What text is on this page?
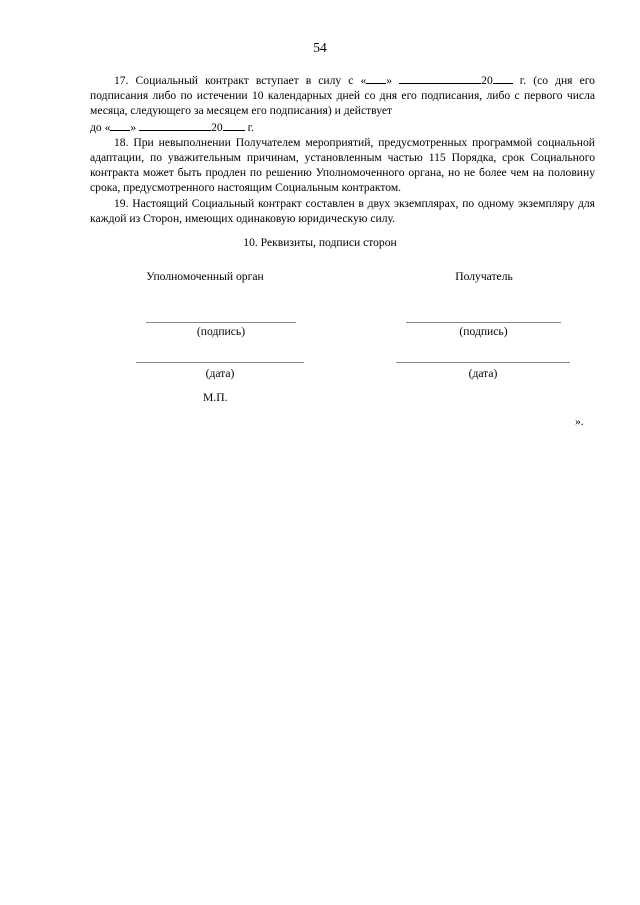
54

17. Социальный контракт вступает в силу с « »	20 г. (со дня его подписания либо по истечении 10 календарных дней со дня его подписания, либо с первого числа месяца, следующего за месяцем его подписания) и действует

до « »	20 г.

18. При невыполнении Получателем мероприятий, предусмотренных программой социальной адаптации, по уважительным причинам, установленным частью 115 Порядка, срок Социального контракта может быть продлен по решению Уполномоченного органа, но не более чем на половину срока, предусмотренного настоящим Социальным контрактом.

19. Настоящий Социальный контракт составлен в двух экземплярах, по одному экземпляру для каждой из Сторон, имеющих одинаковую юридическую силу.

10. Реквизиты, подписи сторон
Уполномоченный орган
(подпись)
(дата)
М.П.
Получатель
(подпись)
(дата)
».
